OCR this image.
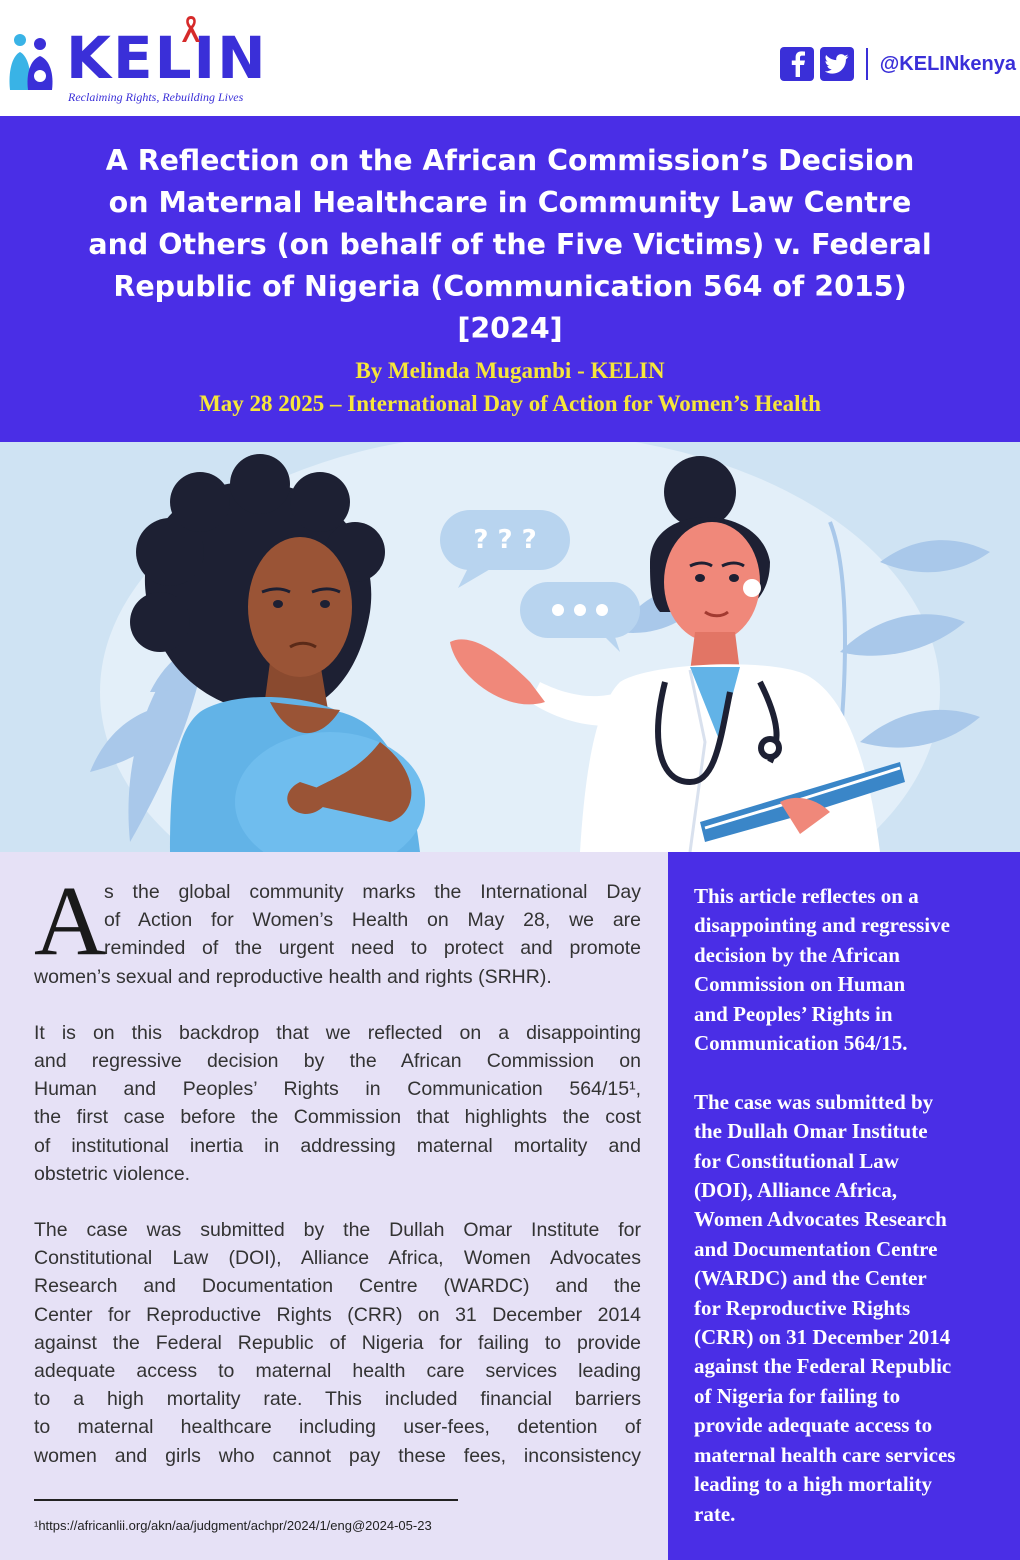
KELIN
Reclaiming Rights, Rebuilding Lives
@KELINkenya
A Reflection on the African Commission’s Decision
on Maternal Healthcare in Community Law Centre
and Others (on behalf of the Five Victims) v. Federal
Republic of Nigeria (Communication 564 of 2015)
[2024]
By Melinda Mugambi - KELIN
May 28 2025 – International Day of Action for Women’s Health
? ? ?
A
s the global community marks the International Day
of Action for Women’s Health on May 28, we are
reminded of the urgent need to protect and promote
women’s sexual and reproductive health and rights (SRHR).
It is on this backdrop that we reflected on a disappointing
and regressive decision by the African Commission on
Human and Peoples’ Rights in Communication 564/15¹,
the first case before the Commission that highlights the cost
of institutional inertia in addressing maternal mortality and
obstetric violence.
The case was submitted by the Dullah Omar Institute for
Constitutional Law (DOI), Alliance Africa, Women Advocates
Research and Documentation Centre (WARDC) and the
Center for Reproductive Rights (CRR) on 31 December 2014
against the Federal Republic of Nigeria for failing to provide
adequate access to maternal health care services leading
to a high mortality rate. This included financial barriers
to maternal healthcare including user-fees, detention of
women and girls who cannot pay these fees, inconsistency
¹https://africanlii.org/akn/aa/judgment/achpr/2024/1/eng@2024-05-23
This article reflectes on a
disappointing and regressive
decision by the African
Commission on Human
and Peoples’ Rights in
Communication 564/15.
The case was submitted by
the Dullah Omar Institute
for Constitutional Law
(DOI), Alliance Africa,
Women Advocates Research
and Documentation Centre
(WARDC) and the Center
for Reproductive Rights
(CRR) on 31 December 2014
against the Federal Republic
of Nigeria for failing to
provide adequate access to
maternal health care services
leading to a high mortality
rate.
